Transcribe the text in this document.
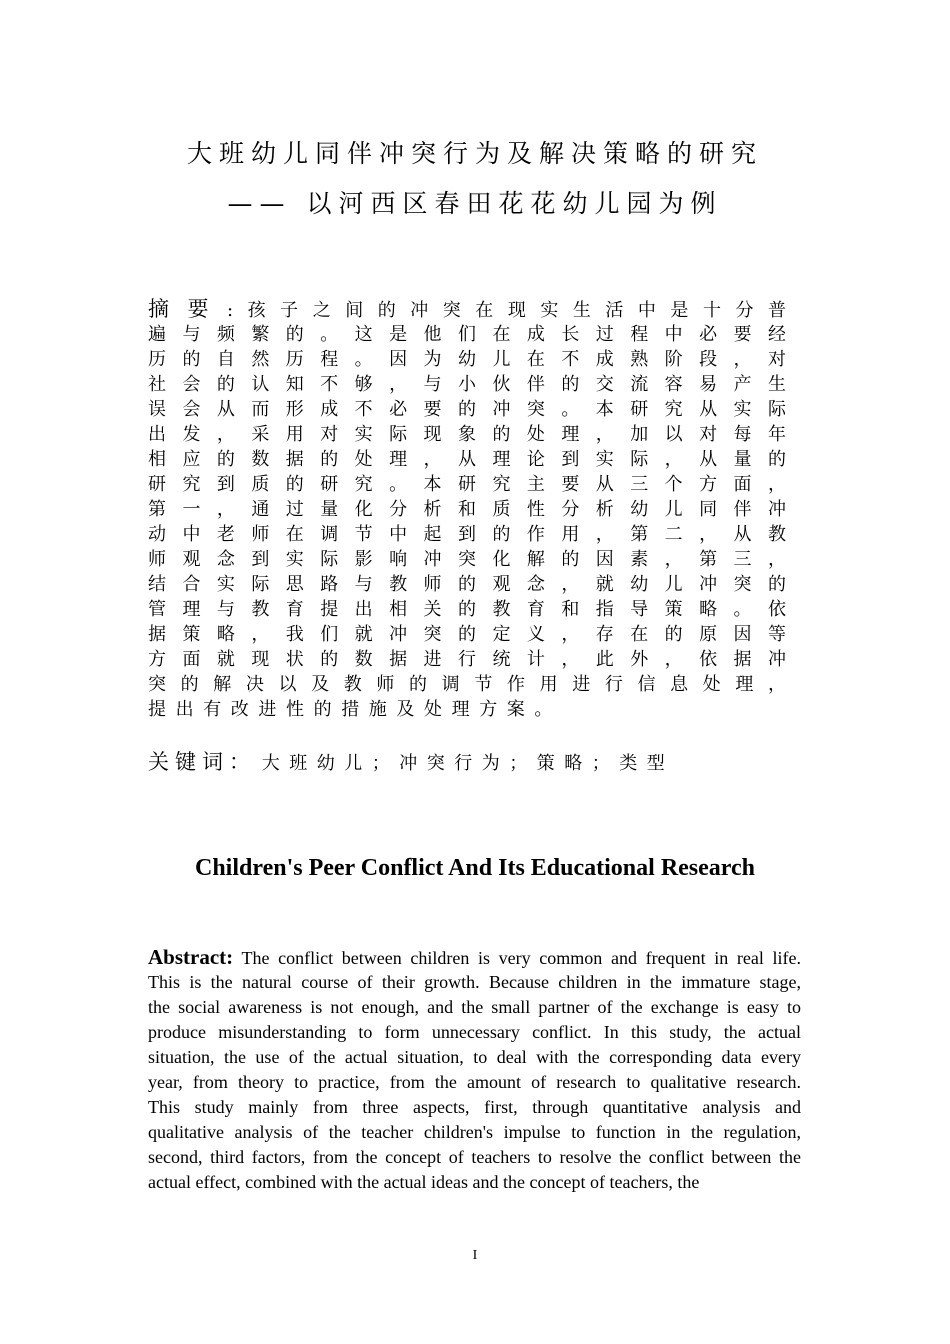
大班幼儿同伴冲突行为及解决策略的研究
—— 以河西区春田花花幼儿园为例
摘要:孩子之间的冲突在现实生活中是十分普
遍与频繁的。这是他们在成长过程中必要经
历的自然历程。因为幼儿在不成熟阶段，对
社会的认知不够，与小伙伴的交流容易产生
误会从而形成不必要的冲突。本研究从实际
出发，采用对实际现象的处理，加以对每年
相应的数据的处理，从理论到实际，从量的
研究到质的研究。本研究主要从三个方面，
第一，通过量化分析和质性分析幼儿同伴冲
动中老师在调节中起到的作用，第二，从教
师观念到实际影响冲突化解的因素，第三，
结合实际思路与教师的观念，就幼儿冲突的
管理与教育提出相关的教育和指导策略。依
据策略，我们就冲突的定义，存在的原因等
方面就现状的数据进行统计，此外，依据冲
突的解决以及教师的调节作用进行信息处理，
提出有改进性的措施及处理方案。
关键词： 大班幼儿；冲突行为；策略；类型
Children's Peer Conflict And Its Educational Research
Abstract: The conflict between children is very common and frequent in real life.
This is the natural course of their growth. Because children in the immature stage,
the social awareness is not enough, and the small partner of the exchange is easy to
produce misunderstanding to form unnecessary conflict. In this study, the actual
situation, the use of the actual situation, to deal with the corresponding data every
year, from theory to practice, from the amount of research to qualitative research.
This study mainly from three aspects, first, through quantitative analysis and
qualitative analysis of the teacher children's impulse to function in the regulation,
second, third factors, from the concept of teachers to resolve the conflict between the
actual effect, combined with the actual ideas and the concept of teachers, the
I
